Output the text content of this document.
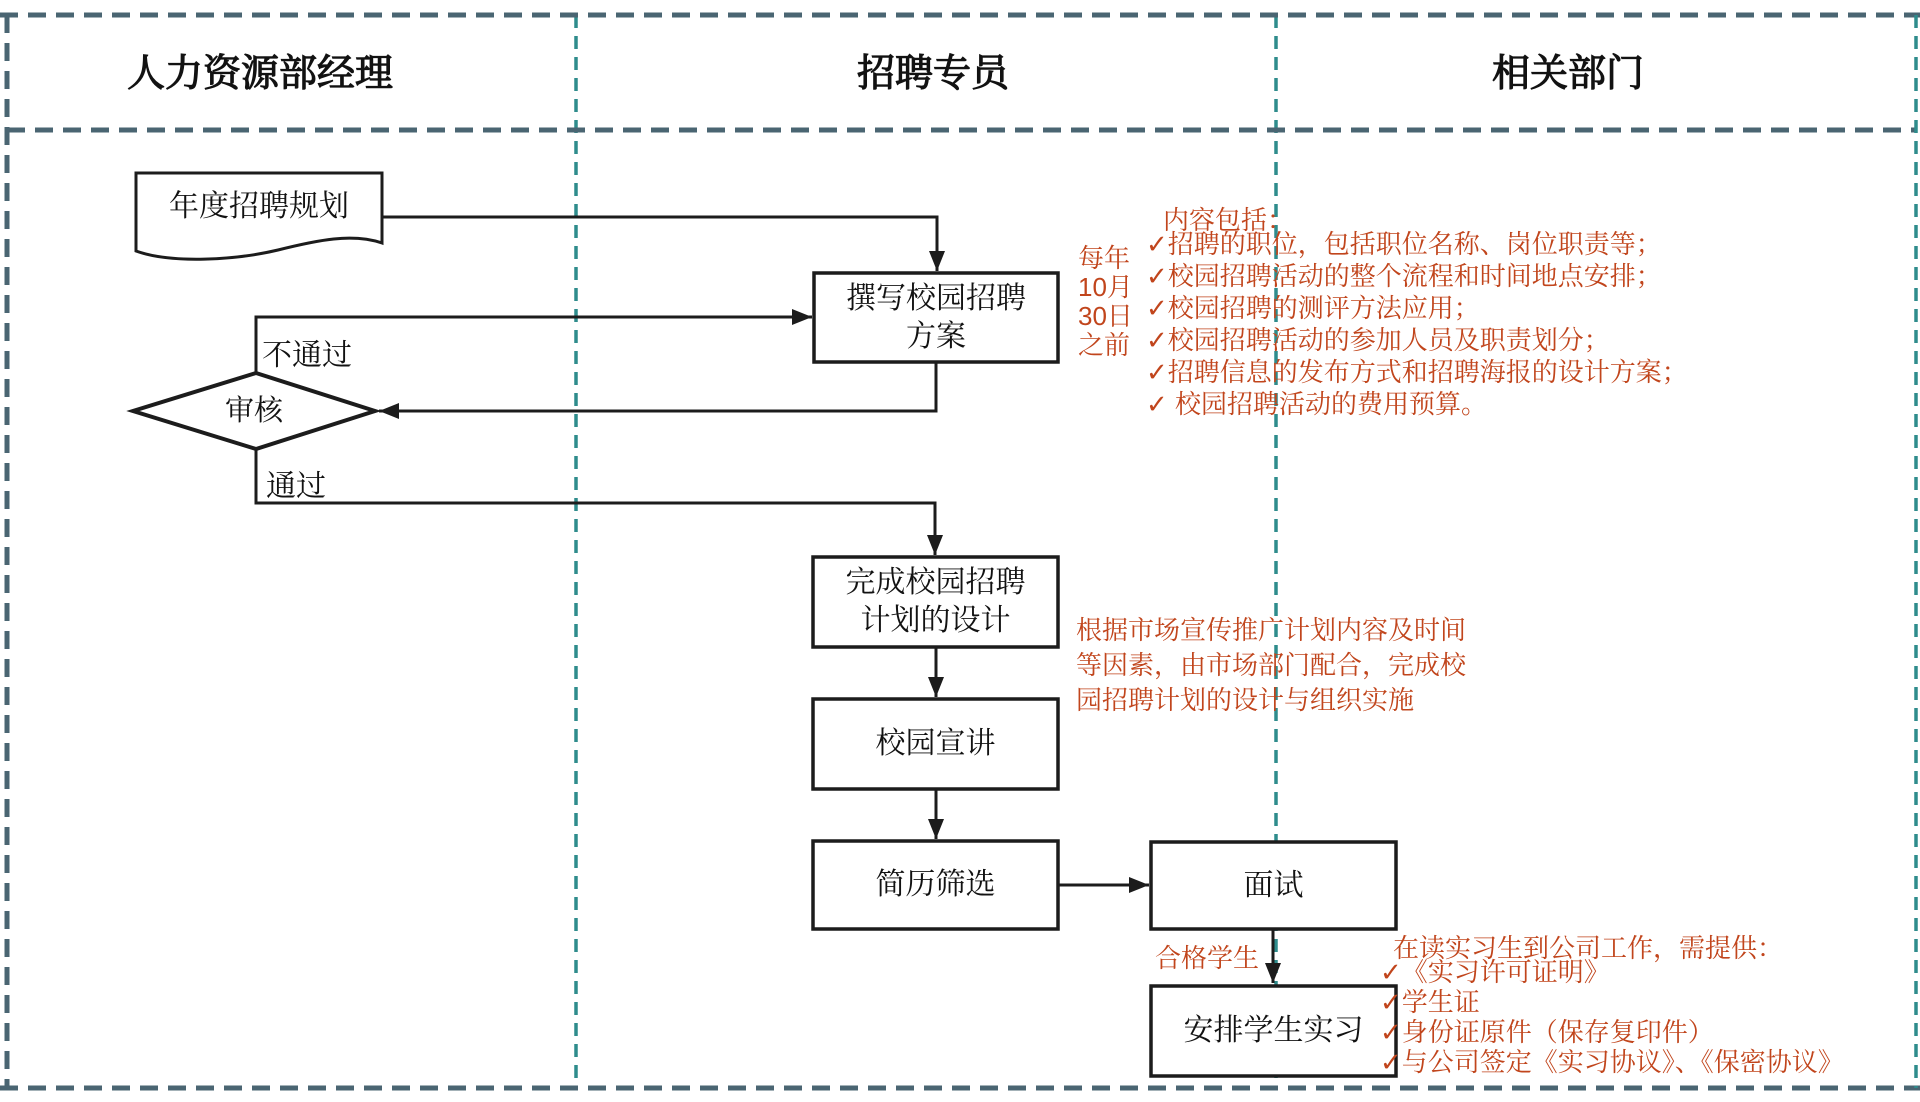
人力资源部经理	招聘专员	相关部门
年度招聘规划
撰写校园招聘
方案
审核
完成校园招聘
计划的设计
校园宣讲
简历筛选	面试
安排学生实习
不通过
通过
合格学生
每年
10月
30日
之前
内容包括：
✓招聘的职位，包括职位名称、岗位职责等；
✓校园招聘活动的整个流程和时间地点安排；
✓校园招聘的测评方法应用；
✓校园招聘活动的参加人员及职责划分；
✓招聘信息的发布方式和招聘海报的设计方案；
✓ 校园招聘活动的费用预算。
根据市场宣传推广计划内容及时间
等因素，由市场部门配合，完成校
园招聘计划的设计与组织实施
在读实习生到公司工作，需提供：
✓《实习许可证明》
✓学生证
✓身份证原件（保存复印件）
✓与公司签定《实习协议》、《保密协议》
